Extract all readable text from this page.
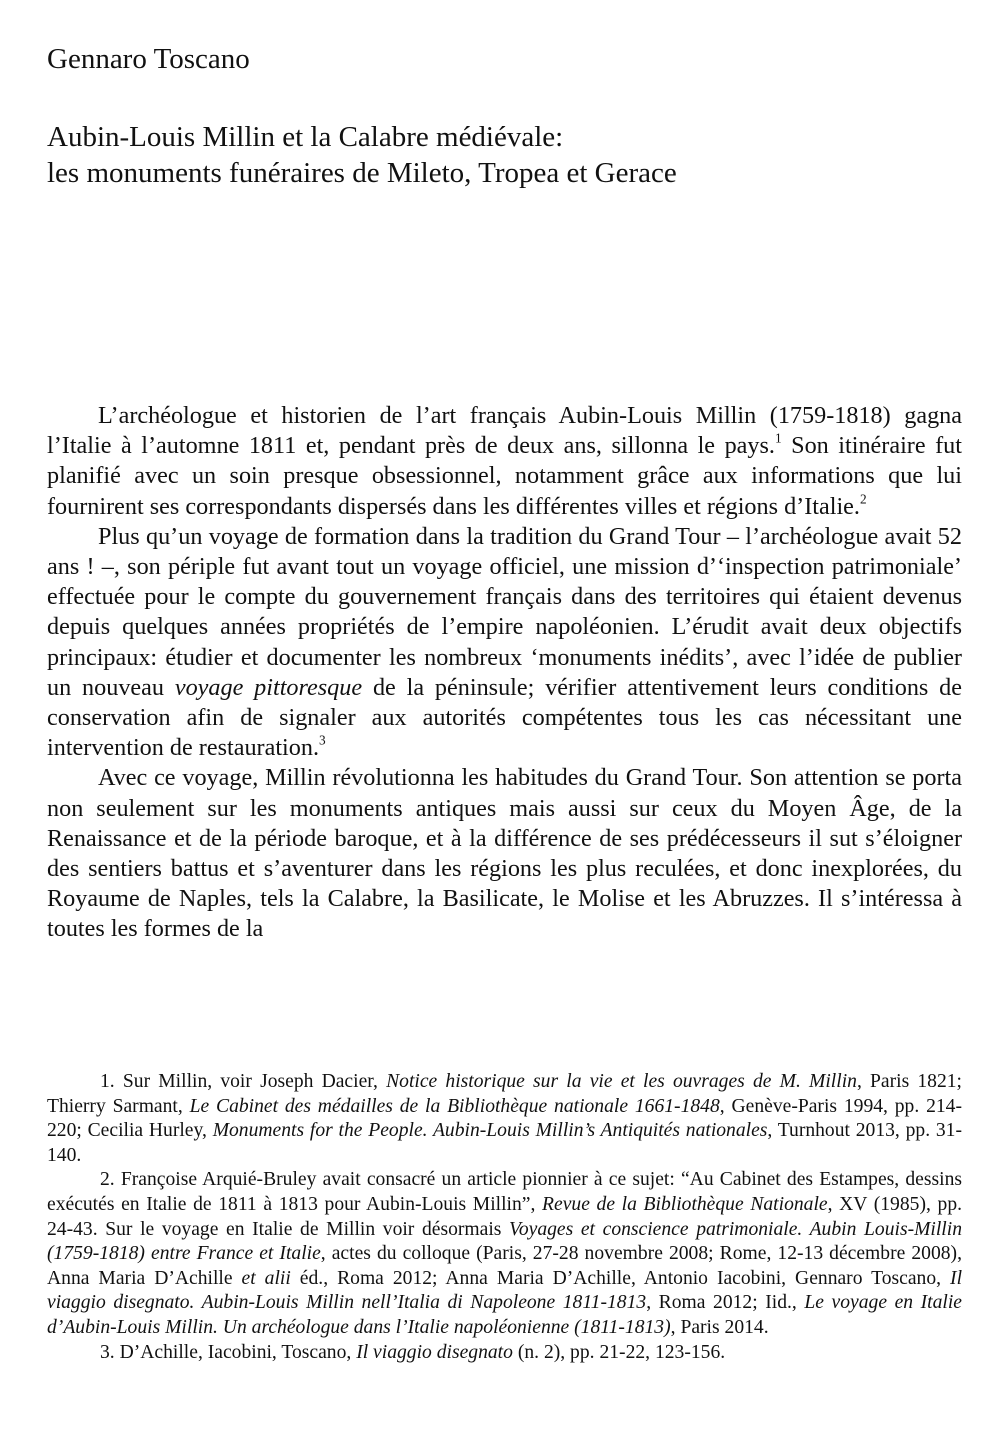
Gennaro Toscano
Aubin-Louis Millin et la Calabre médiévale:
les monuments funéraires de Mileto, Tropea et Gerace

L’archéologue et historien de l’art français Aubin-Louis Millin (1759-1818) gagna l’Italie à l’automne 1811 et, pendant près de deux ans, sillonna le pays.$^1$ Son itinéraire fut planifié avec un soin presque obsessionnel, notamment grâce aux informations que lui fournirent ses correspondants dispersés dans les différentes villes et régions d’Italie.$^2$

Plus qu’un voyage de formation dans la tradition du Grand Tour – l’archéologue avait 52 ans ! –, son périple fut avant tout un voyage officiel, une mission d’‘inspection patrimoniale’ effectuée pour le compte du gouvernement français dans des territoires qui étaient devenus depuis quelques années propriétés de l’empire napoléonien. L’érudit avait deux objectifs principaux: étudier et documenter les nombreux ‘monuments inédits’, avec l’idée de publier un nouveau voyage pittoresque de la péninsule; vérifier attentivement leurs conditions de conservation afin de signaler aux autorités compétentes tous les cas nécessitant une intervention de restauration.$^3$

Avec ce voyage, Millin révolutionna les habitudes du Grand Tour. Son attention se porta non seulement sur les monuments antiques mais aussi sur ceux du Moyen Âge, de la Renaissance et de la période baroque, et à la différence de ses prédécesseurs il sut s’éloigner des sentiers battus et s’aventurer dans les régions les plus reculées, et donc inexplorées, du Royaume de Naples, tels la Calabre, la Basilicate, le Molise et les Abruzzes. Il s’intéressa à toutes les formes de la

1. Sur Millin, voir Joseph Dacier, Notice historique sur la vie et les ouvrages de M. Millin, Paris 1821; Thierry Sarmant, Le Cabinet des médailles de la Bibliothèque nationale 1661-1848, Genève-Paris 1994, pp. 214-220; Cecilia Hurley, Monuments for the People. Aubin-Louis Millin’s Antiquités nationales, Turnhout 2013, pp. 31-140.

2. Françoise Arquié-Bruley avait consacré un article pionnier à ce sujet: “Au Cabinet des Estampes, dessins exécutés en Italie de 1811 à 1813 pour Aubin-Louis Millin”, Revue de la Bibliothèque Nationale, XV (1985), pp. 24-43. Sur le voyage en Italie de Millin voir désormais Voyages et conscience patrimoniale. Aubin Louis-Millin (1759-1818) entre France et Italie, actes du colloque (Paris, 27-28 novembre 2008; Rome, 12-13 décembre 2008), Anna Maria D’Achille et alii éd., Roma 2012; Anna Maria D’Achille, Antonio Iacobini, Gennaro Toscano, Il viaggio disegnato. Aubin-Louis Millin nell’Italia di Napoleone 1811-1813, Roma 2012; Iid., Le voyage en Italie d’Aubin-Louis Millin. Un archéologue dans l’Italie napoléonienne (1811-1813), Paris 2014.

3. D’Achille, Iacobini, Toscano, Il viaggio disegnato (n. 2), pp. 21-22, 123-156.
